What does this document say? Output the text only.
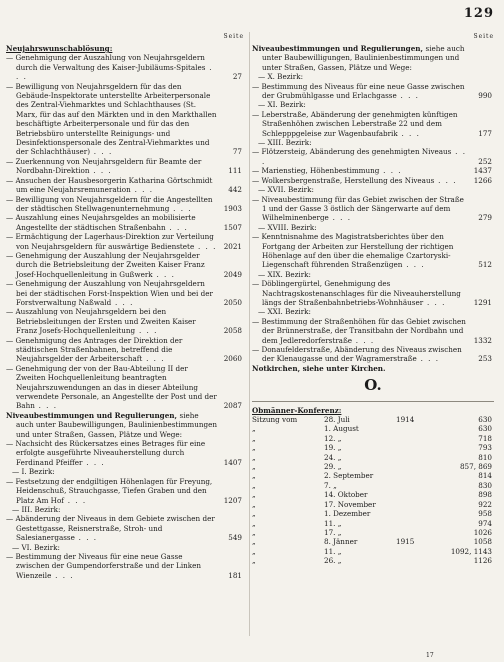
129
Seite
Neujahrswunschablösung:
— Genehmigung der Auszahlung von Neujahrsgeldern durch die Verwaltung des Kaiser-Jubiläums-Spitales . . .	27
— Bewilligung von Neujahrsgeldern für das den Gebäude-Inspektorate unterstellte Arbeiterpersonale des Zentral-Viehmarktes und Schlachthauses (St. Marx, für das auf den Märkten und in den Markthallen beschäftigte Arbeiterpersonale und für das den Betriebsbüro unterstellte Reinigungs- und Desinfektionspersonale des Zentral-Viehmarktes und der Schlachthäuser) . . .	77
— Zuerkennung von Neujahrsgeldern für Beamte der Nordbahn-Direktion . . .	111
— Ansuchen der Hausbesorgerin Katharina Görtschmidt um eine Neujahrsremuneration . . .	442
— Bewilligung von Neujahrsgeldern für die Angestellten der städtischen Stellwagenunternehmung . . .	1903
— Auszahlung eines Neujahrsgeldes an mobilisierte Angestellte der städtischen Straßenbahn . . .	1507
— Ermächtigung der Lagerhaus-Direktion zur Verteilung von Neujahrsgeldern für auswärtige Bedienstete . . . 2021
— Genehmigung der Auszahlung der Neujahrsgelder durch die Betriebsleitung der Zweiten Kaiser Franz Josef-Hochquellenleitung in Gußwerk . . .	2049
— Genehmigung der Auszahlung von Neujahrsgeldern bei der städtischen Forst-Inspektion Wien und bei der Forstverwaltung Naßwald . . .	2050
— Auszahlung von Neujahrsgeldern bei den Betriebsleitungen der Ersten und Zweiten Kaiser Franz Josefs-Hochquellenleitung . . .	2058
— Genehmigung des Antrages der Direktion der städtischen Straßenbahnen, betreffend die Neujahrsgelder der Arbeiterschaft . . .	2060
— Genehmigung der von der Bau-Abteilung II der Zweiten Hochquellenleitung beantragten Neujahrszuwendungen an das in dieser Abteilung verwendete Personale, an Angestellte der Post und der Bahn . . .	2087
Niveaubestimmungen und Regulierungen, siehe auch unter Baubewilligungen, Baulinienbestimmungen und unter Straßen, Gassen, Plätze und Wege:
— Nachsicht des Rückersatzes eines Betrages für eine erfolgte ausgeführte Niveauherstellung durch Ferdinand Pfeiffer . . .	1407
— I. Bezirk:
— Festsetzung der endgiltigen Höhenlagen für Freyung, Heidenschuß, Strauchgasse, Tiefen Graben und den Platz Am Hof . . .	1207
— III. Bezirk:
— Abänderung der Niveaus in dem Gebiete zwischen der Gestettgasse, Reisnerstraße, Stroh- und Salesianergasse . . .	549
— VI. Bezirk:
— Bestimmung der Niveaus für eine neue Gasse zwischen der Gumpendorferstraße und der Linken Wienzeile . . .	181
Seite
Niveaubestimmungen und Regulierungen, siehe auch unter Baubewilligungen, Baulinienbestimmungen und unter Straßen, Gassen, Plätze und Wege:
— X. Bezirk:
— Bestimmung des Niveaus für eine neue Gasse zwischen der Grubmühlgasse und Erlachgasse . . .	990
— XI. Bezirk:
— Leberstraße, Abänderung der genehmigten künftigen Straßenhöhen zwischen Leberstraße 22 und dem Schlepppgeleise zur Wagenbaufabrik . . .	177
— XIII. Bezirk:
— Flötzersteig, Abänderung des genehmigten Niveaus . . .	252
— Marienstieg, Höhenbestimmung . . .	1437
— Wolkersbergenstraße, Herstellung des Niveaus . . . 1266
— XVII. Bezirk:
— Niveaubestimmung für das Gebiet zwischen der Straße 1 und der Gasse 3 östlich der Sängerwarte auf dem Wilhelminenberge . . .	279
— XVIII. Bezirk:
— Kenntnisnahme des Magistratsberichtes über den Fortgang der Arbeiten zur Herstellung der richtigen Höhenlage auf den über die ehemalige Czartoryski-Liegenschaft führenden Straßenzügen . . .	512
— XIX. Bezirk:
— Döblingergürtel, Genehmigung des Nachtragskostenanschlages für die Niveauherstellung längs der Straßenbahnbetriebs-Wohnhäuser . . .	1291
— XXI. Bezirk:
— Bestimmung der Straßenhöhen für das Gebiet zwischen der Brünnerstraße, der Transitbahn der Nordbahn und dem Jedleredorferstraße . . .	1332
— Donaufelderstraße, Abänderung des Niveaus zwischen der Klenaugasse und der Wagramerstraße . . .	253
Notkirchen, siehe unter Kirchen.
O.
Obmänner-Konferenz:
Sitzung vom	28. Juli	1914	630
„	1. August	630
„	12. „	718
„	19. „	793
„	24. „	810
„	29. „	857, 869
„	2. September	814
„	7. „	830
„	14. Oktober	898
„	17. November	922
„	1. Dezember	958
„	11. „	974
„	17. „	1026
„	8. Jänner	1915	1058
„	11. „	1092, 1143
„	26. „	1126
17
